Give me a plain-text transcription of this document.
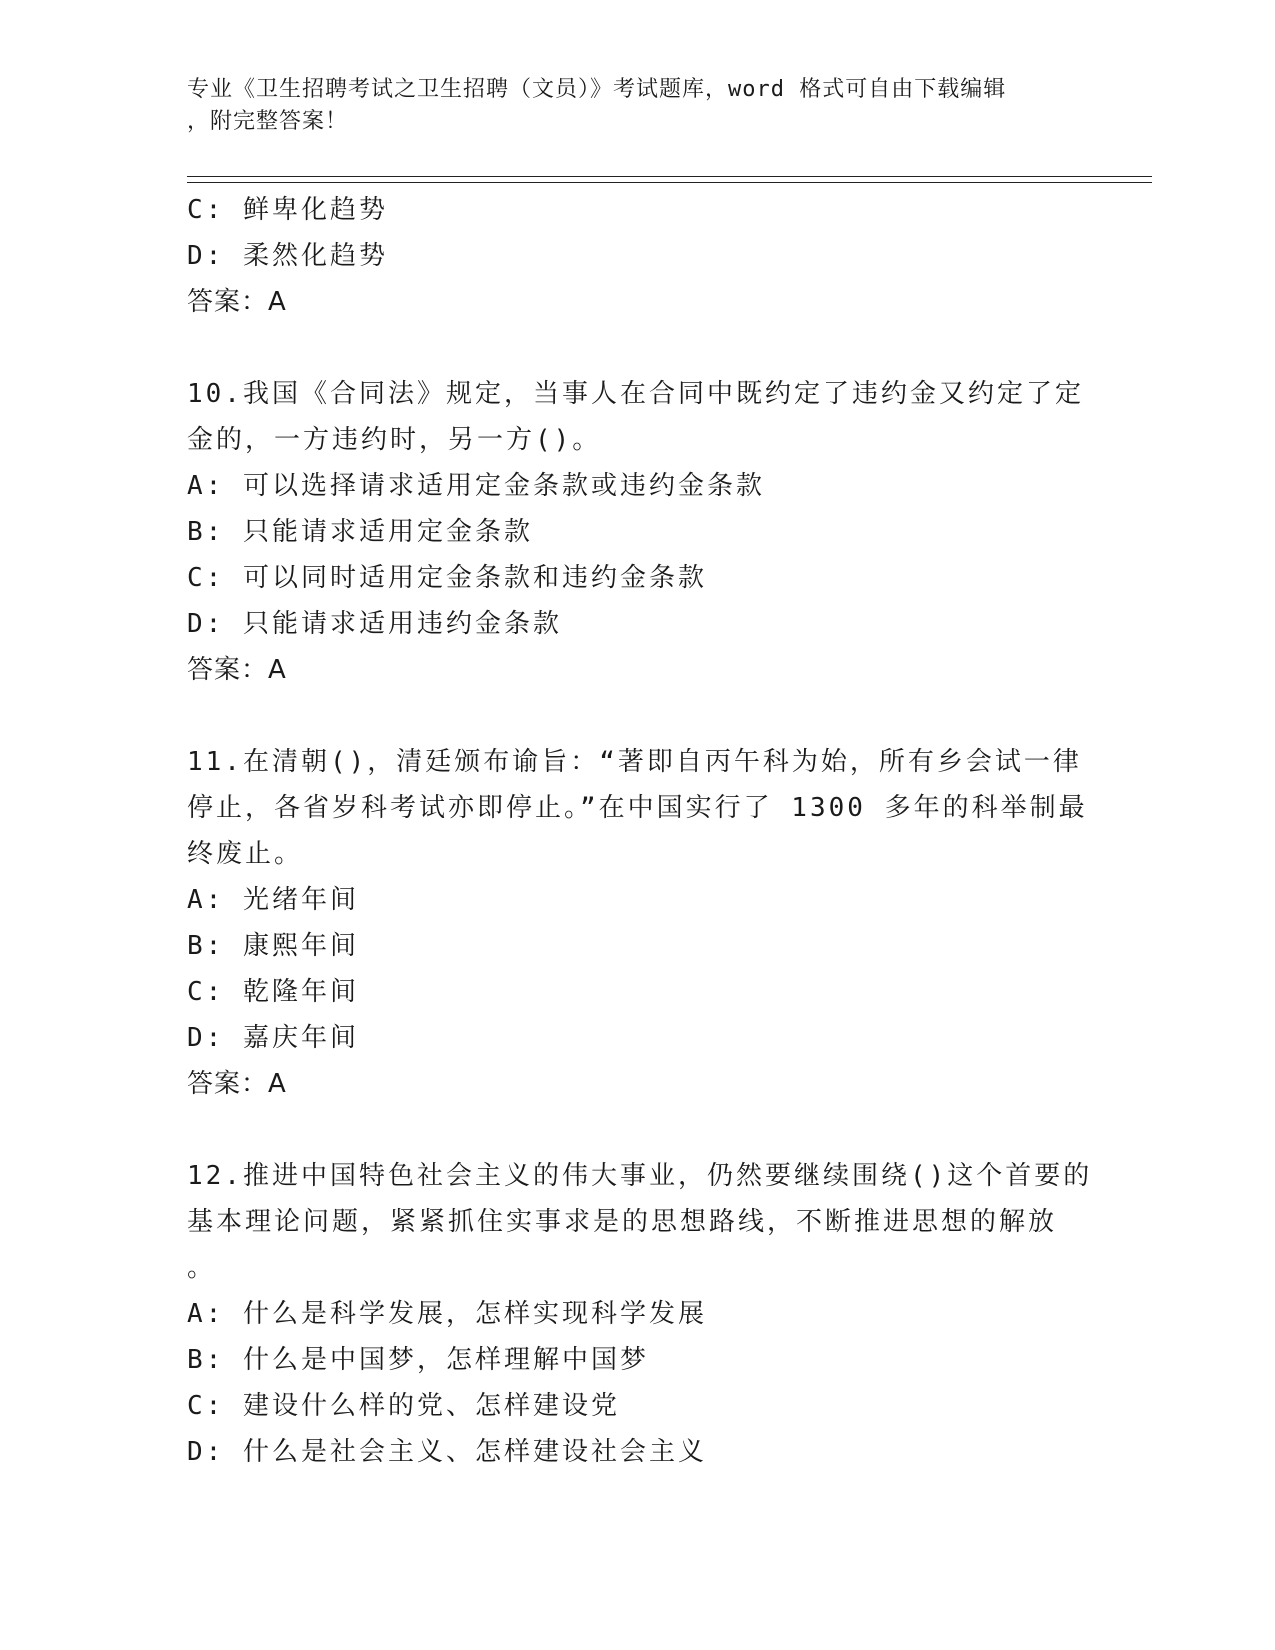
专业《卫生招聘考试之卫生招聘（文员）》考试题库，word 格式可自由下载编辑
，附完整答案！
C: 鲜卑化趋势
D: 柔然化趋势
答案：A
10.我国《合同法》规定，当事人在合同中既约定了违约金又约定了定
金的，一方违约时，另一方()。
A: 可以选择请求适用定金条款或违约金条款
B: 只能请求适用定金条款
C: 可以同时适用定金条款和违约金条款
D: 只能请求适用违约金条款
答案：A
11.在清朝()，清廷颁布谕旨：“著即自丙午科为始，所有乡会试一律
停止，各省岁科考试亦即停止。”在中国实行了 1300 多年的科举制最
终废止。
A: 光绪年间
B: 康熙年间
C: 乾隆年间
D: 嘉庆年间
答案：A
12.推进中国特色社会主义的伟大事业，仍然要继续围绕()这个首要的
基本理论问题，紧紧抓住实事求是的思想路线，不断推进思想的解放
。
A: 什么是科学发展，怎样实现科学发展
B: 什么是中国梦，怎样理解中国梦
C: 建设什么样的党、怎样建设党
D: 什么是社会主义、怎样建设社会主义
